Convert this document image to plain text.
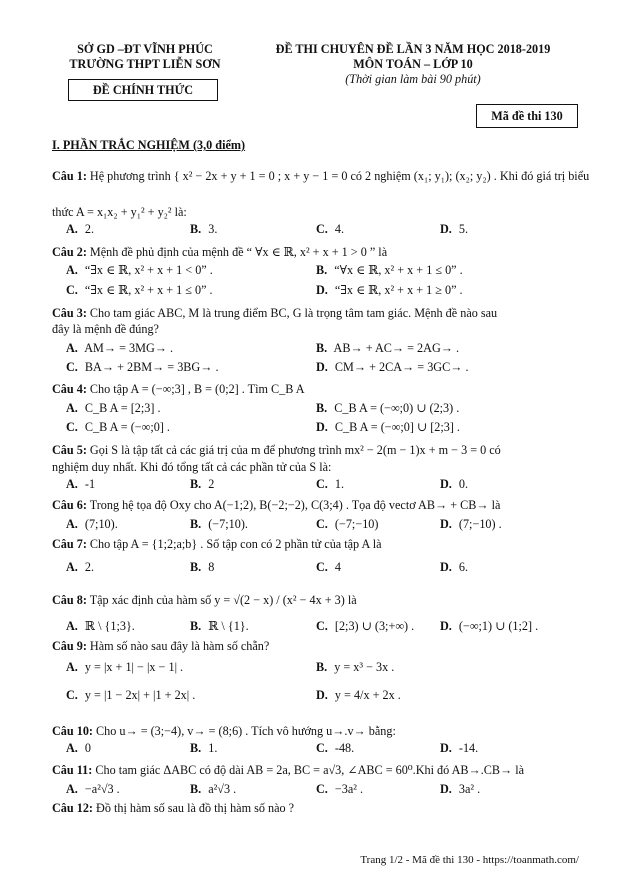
SỞ GD –ĐT VĨNH PHÚC
TRƯỜNG THPT LIỄN SƠN
ĐỀ CHÍNH THỨC
ĐỀ THI CHUYÊN ĐỀ LẦN 3 NĂM HỌC 2018-2019
MÔN TOÁN – LỚP 10
(Thời gian làm bài 90 phút)
Mã đề thi 130
I. PHẦN TRẮC NGHIỆM (3,0 điểm)
Câu 1: Hệ phương trình { x² − 2x + y + 1 = 0 ; x + y − 1 = 0 có 2 nghiệm (x₁; y₁); (x₂; y₂) . Khi đó giá trị biểu
thức A = x₁x₂ + y₁² + y₂² là:
Câu 2: Mệnh đề phủ định của mệnh đề “ ∀x ∈ ℝ, x² + x + 1 > 0 ” là
Câu 3: Cho tam giác ABC, M là trung điểm BC, G là trọng tâm tam giác. Mệnh đề nào sau
đây là mệnh đề đúng?
Câu 4: Cho tập A = (−∞;3] , B = (0;2] . Tìm C_B A
Câu 5: Gọi S là tập tất cả các giá trị của m để phương trình mx² − 2(m − 1)x + m − 3 = 0 có
nghiệm duy nhất. Khi đó tổng tất cả các phần tử của S là:
Câu 6: Trong hệ tọa độ Oxy cho A(−1;2), B(−2;−2), C(3;4) . Tọa độ vectơ AB→ + CB→ là
Câu 7: Cho tập A = {1;2;a;b} . Số tập con có 2 phần tử của tập A là
Câu 8: Tập xác định của hàm số y = √(2 − x) / (x² − 4x + 3) là
Câu 9: Hàm số nào sau đây là hàm số chẵn?
Câu 10: Cho u→ = (3;−4), v→ = (8;6) . Tích vô hướng u→.v→ bằng:
Câu 11: Cho tam giác ΔABC có độ dài AB = 2a, BC = a√3, ∠ABC = 60⁰.Khi đó AB→.CB→ là
Câu 12: Đồ thị hàm số sau là đồ thị hàm số nào ?
A. 2.	B. 3.	C. 4.	D. 5.
A. “∃x ∈ ℝ, x² + x + 1 < 0” .	B. “∀x ∈ ℝ, x² + x + 1 ≤ 0” .
C. “∃x ∈ ℝ, x² + x + 1 ≤ 0” .	D. “∃x ∈ ℝ, x² + x + 1 ≥ 0” .
A. AM→ = 3MG→ .	B. AB→ + AC→ = 2AG→ .
C. BA→ + 2BM→ = 3BG→ .	D. CM→ + 2CA→ = 3GC→ .
A. C_B A = [2;3] .	B. C_B A = (−∞;0) ∪ (2;3) .
C. C_B A = (−∞;0] .	D. C_B A = (−∞;0] ∪ [2;3] .
A. -1	B. 2	C. 1.	D. 0.
A. (7;10).	B. (−7;10).	C. (−7;−10)	D. (7;−10) .
A. 2.	B. 8	C. 4	D. 6.
A. ℝ \ {1;3}.	B. ℝ \ {1}.	C. [2;3) ∪ (3;+∞) . D. (−∞;1) ∪ (1;2] .
A. y = |x + 1| − |x − 1| .	B. y = x³ − 3x .
C. y = |1 − 2x| + |1 + 2x| .	D. y = 4/x + 2x .
A. 0	B. 1.	C. -48.	D. -14.
A. −a²√3 .	B. a²√3 .	C. −3a² .	D. 3a² .
Trang 1/2 - Mã đề thi 130 - https://toanmath.com/
